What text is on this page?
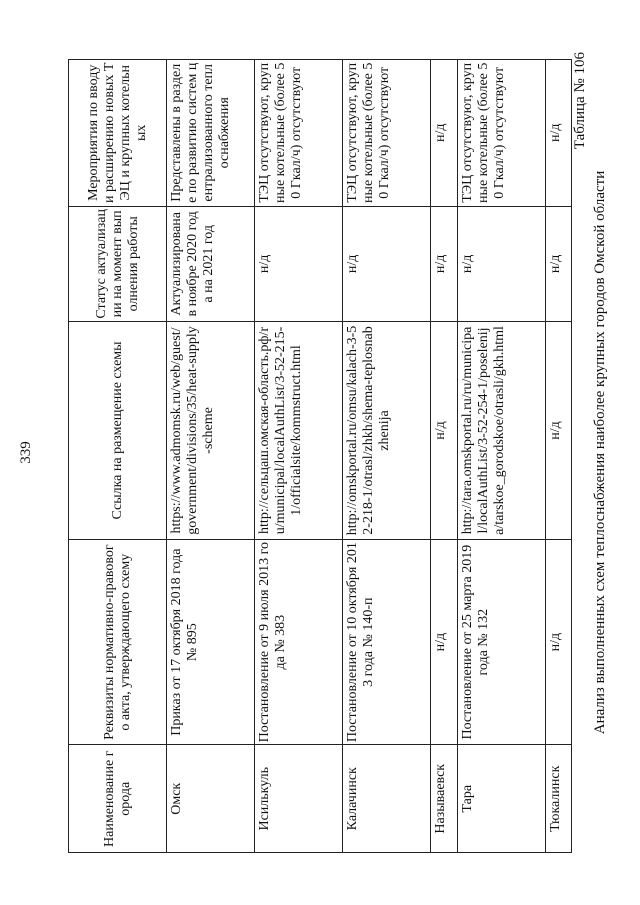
339
Таблица № 106
Анализ выполненных схем теплоснабжения наиболее крупных городов Омской области
Наименование города	Реквизиты нормативно-правового акта, утверждающего схему	Ссылка на размещение схемы	Статус актуализации на момент выполнения работы	Мероприятия по вводу и расширению новых ТЭЦ и крупных котельных
Омск	Приказ от 17 октября 2018 года № 895	https://www.admomsk.ru/web/guest/government/divisions/35/heat-supply-scheme	Актуализирована в ноябре 2020 года на 2021 год	Представлены в разделе по развитию систем централизованного теплоснабжения
Исилькуль	Постановление от 9 июля 2013 года № 383	http://сельцаш.омская-область.рф/ru/municipal/localAuthList/3-52-215-1/officialsite/kommstruct.html	н/д	ТЭЦ отсутствуют, крупные котельные (более 50 Гкал/ч) отсутствуют
Калачинск	Постановление от 10 октября 2013 года № 140-п	http://omskportal.ru/omsu/kalach-3-52-218-1/otrasl/zhkh/shema-teplosnabzhenija	н/д	ТЭЦ отсутствуют, крупные котельные (более 50 Гкал/ч) отсутствуют
Называевск	н/д	н/д	н/д	н/д
Тара	Постановление от 25 марта 2019 года № 132	http://tara.omskportal.ru/ru/municipal/localAuthList/3-52-254-1/poselenija/tarskoe_gorodskoe/otrasli/gkh.html	н/д	ТЭЦ отсутствуют, крупные котельные (более 50 Гкал/ч) отсутствуют
Тюкалинск	н/д	н/д	н/д	н/д
